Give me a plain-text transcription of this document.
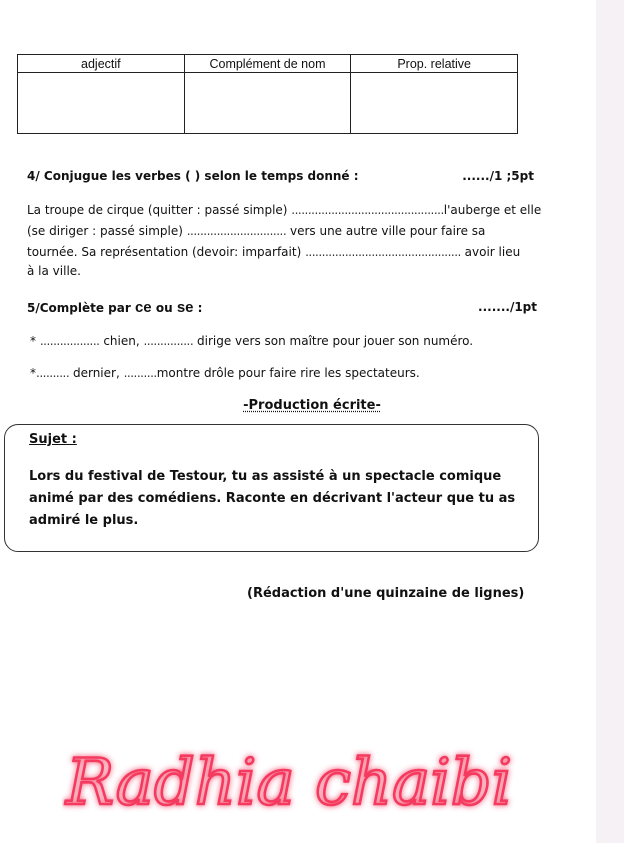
adjectif	Complément de nom	Prop. relative

4/ Conjugue les verbes ( ) selon le temps donné :	....../1 ;5pt
La troupe de cirque (quitter : passé simple) ..............................................l'auberge et elle
(se diriger : passé simple) .............................. vers une autre ville pour faire sa
tournée. Sa représentation (devoir: imparfait) ............................................... avoir lieu
à la ville.
5/Complète par ce ou se :	......./1pt
* .................. chien, ............... dirige vers son maître pour jouer son numéro.
*.......... dernier, ..........montre drôle pour faire rire les spectateurs.
-Production écrite-
Sujet :
Lors du festival de Testour, tu as assisté à un spectacle comique animé par des comédiens. Raconte en décrivant l'acteur que tu as admiré le plus.
(Rédaction d'une quinzaine de lignes)
Radhia chaibi
